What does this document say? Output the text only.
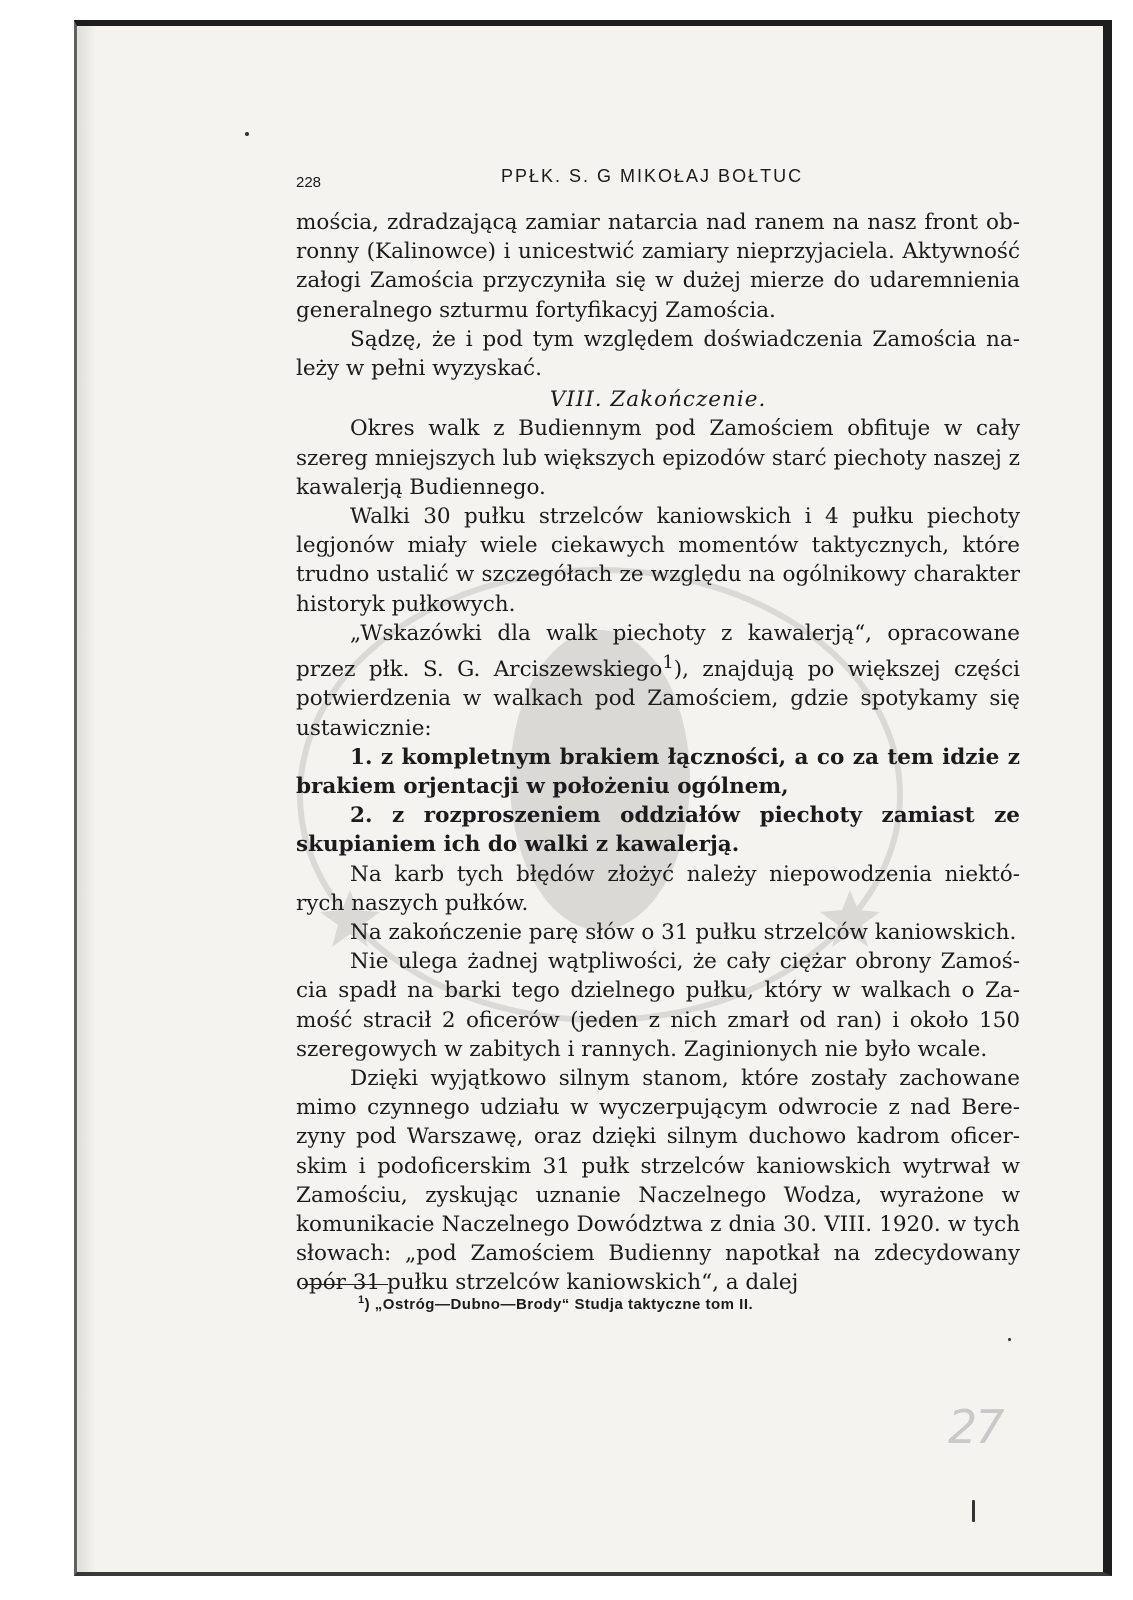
228	PPŁK. S. G MIKOŁAJ BOŁTUC

mościa, zdradzającą zamiar natarcia nad ranem na nasz front obronny (Kalinowce) i unicestwić zamiary nieprzyjaciela. Aktywność załogi Zamościa przyczyniła się w dużej mierze do udaremnienia generalnego szturmu fortyfikacyj Zamościa.

Sądzę, że i pod tym względem doświadczenia Zamościa należy w pełni wyzyskać.

VIII. Zakończenie.

Okres walk z Budiennym pod Zamościem obfituje w cały szereg mniejszych lub większych epizodów starć piechoty naszej z kawalerją Budiennego.

Walki 30 pułku strzelców kaniowskich i 4 pułku piechoty legjonów miały wiele ciekawych momentów taktycznych, które trudno ustalić w szczegółach ze względu na ogólnikowy charakter historyk pułkowych.

„Wskazówki dla walk piechoty z kawalerją“, opracowane przez płk. S. G. Arciszewskiego$^1$), znajdują po większej części potwierdzenia w walkach pod Zamościem, gdzie spotykamy się ustawicznie:

1. z kompletnym brakiem łączności, a co za tem idzie z brakiem orjentacji w położeniu ogólnem,

2. z rozproszeniem oddziałów piechoty zamiast ze skupianiem ich do walki z kawalerją.

Na karb tych błędów złożyć należy niepowodzenia niektórych naszych pułków.

Na zakończenie parę słów o 31 pułku strzelców kaniowskich.

Nie ulega żadnej wątpliwości, że cały ciężar obrony Zamościa spadł na barki tego dzielnego pułku, który w walkach o Zamość stracił 2 oficerów (jeden z nich zmarł od ran) i około 150 szeregowych w zabitych i rannych. Zaginionych nie było wcale.

Dzięki wyjątkowo silnym stanom, które zostały zachowane mimo czynnego udziału w wyczerpującym odwrocie z nad Berezyny pod Warszawę, oraz dzięki silnym duchowo kadrom oficerskim i podoficerskim 31 pułk strzelców kaniowskich wytrwał w Zamościu, zyskując uznanie Naczelnego Wodza, wyrażone w komunikacie Naczelnego Dowództwa z dnia 30. VIII. 1920. w tych słowach: „pod Zamościem Budienny napotkał na zdecydowany opór 31 pułku strzelców kaniowskich“, a dalej

$^1$) „Ostróg—Dubno—Brody“ Studja taktyczne tom II.
27
